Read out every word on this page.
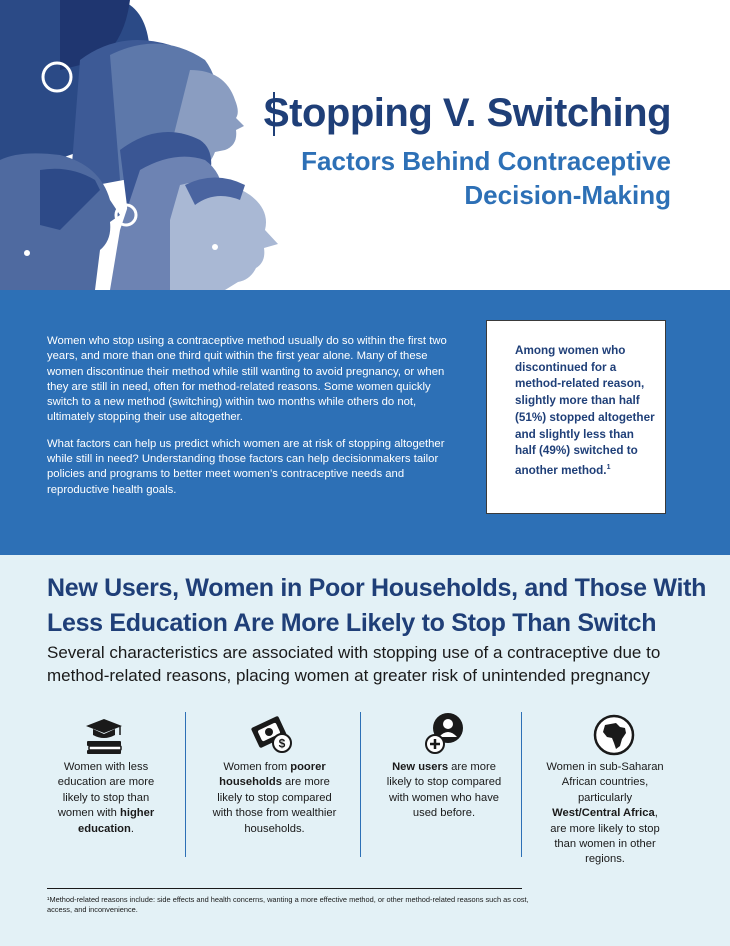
Stopping V. Switching
Factors Behind Contraceptive
Decision-Making

Women who stop using a contraceptive method usually do so within the first two years, and more than one third quit within the first year alone. Many of these women discontinue their method while still wanting to avoid pregnancy, or when they are still in need, often for method-related reasons. Some women quickly switch to a new method (switching) within two months while others do not, ultimately stopping their use altogether.

What factors can help us predict which women are at risk of stopping altogether while still in need? Understanding those factors can help decisionmakers tailor policies and programs to better meet women’s contraceptive needs and reproductive health goals.

Among women who discontinued for a method-related reason, slightly more than half (51%) stopped altogether and slightly less than half (49%) switched to another method.$^1$
New Users, Women in Poor Households, and Those With Less Education Are More Likely to Stop Than Switch
Several characteristics are associated with stopping use of a contraceptive due to method-related reasons, placing women at greater risk of unintended pregnancy
$
Women with less education are more likely to stop than women with higher education.
Women from poorer households are more likely to stop compared with those from wealthier households.
New users are more likely to stop compared with women who have used before.
Women in sub-Saharan African countries, particularly West/Central Africa, are more likely to stop than women in other regions.
¹Method-related reasons include: side effects and health concerns, wanting a more effective method, or other method-related reasons such as cost, access, and inconvenience.
